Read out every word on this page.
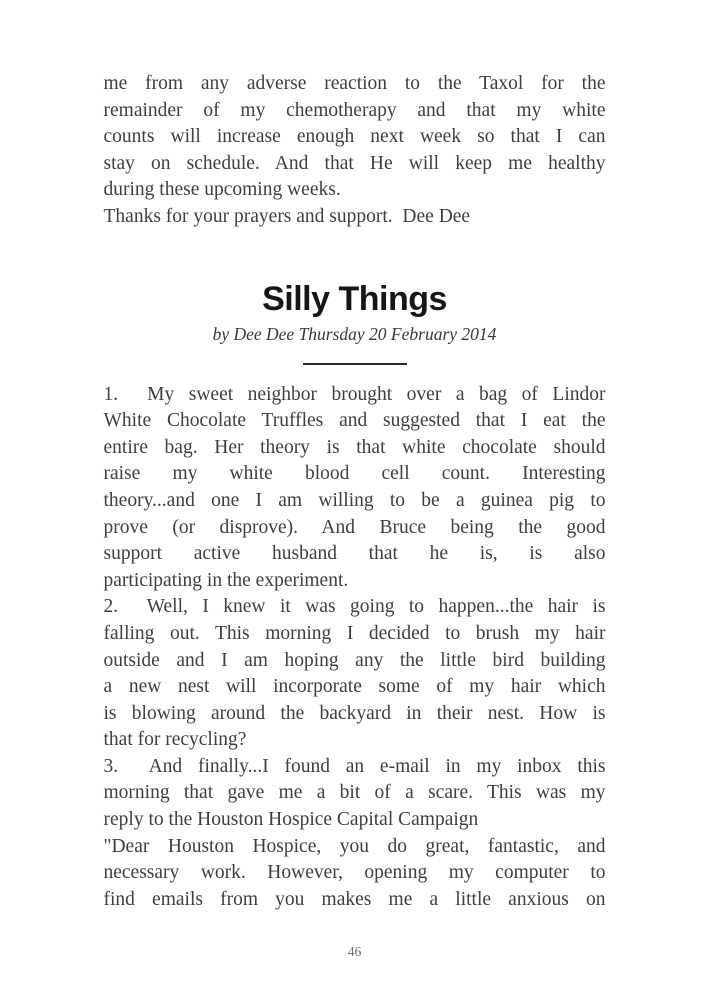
me from any adverse reaction to the Taxol for the
remainder of my chemotherapy and that my white
counts will increase enough next week so that I can
stay on schedule. And that He will keep me healthy
during these upcoming weeks.
Thanks for your prayers and support.  Dee Dee
Silly Things
by Dee Dee Thursday 20 February 2014
1.  My sweet neighbor brought over a bag of Lindor
White Chocolate Truffles and suggested that I eat the
entire bag. Her theory is that white chocolate should
raise my white blood cell count. Interesting
theory...and one I am willing to be a guinea pig to
prove (or disprove). And Bruce being the good
support active husband that he is, is also
participating in the experiment.
2.  Well, I knew it was going to happen...the hair is
falling out. This morning I decided to brush my hair
outside and I am hoping any the little bird building
a new nest will incorporate some of my hair which
is blowing around the backyard in their nest. How is
that for recycling?
3.  And finally...I found an e-mail in my inbox this
morning that gave me a bit of a scare. This was my
reply to the Houston Hospice Capital Campaign
"Dear Houston Hospice, you do great, fantastic, and
necessary work. However, opening my computer to
find emails from you makes me a little anxious on
46
